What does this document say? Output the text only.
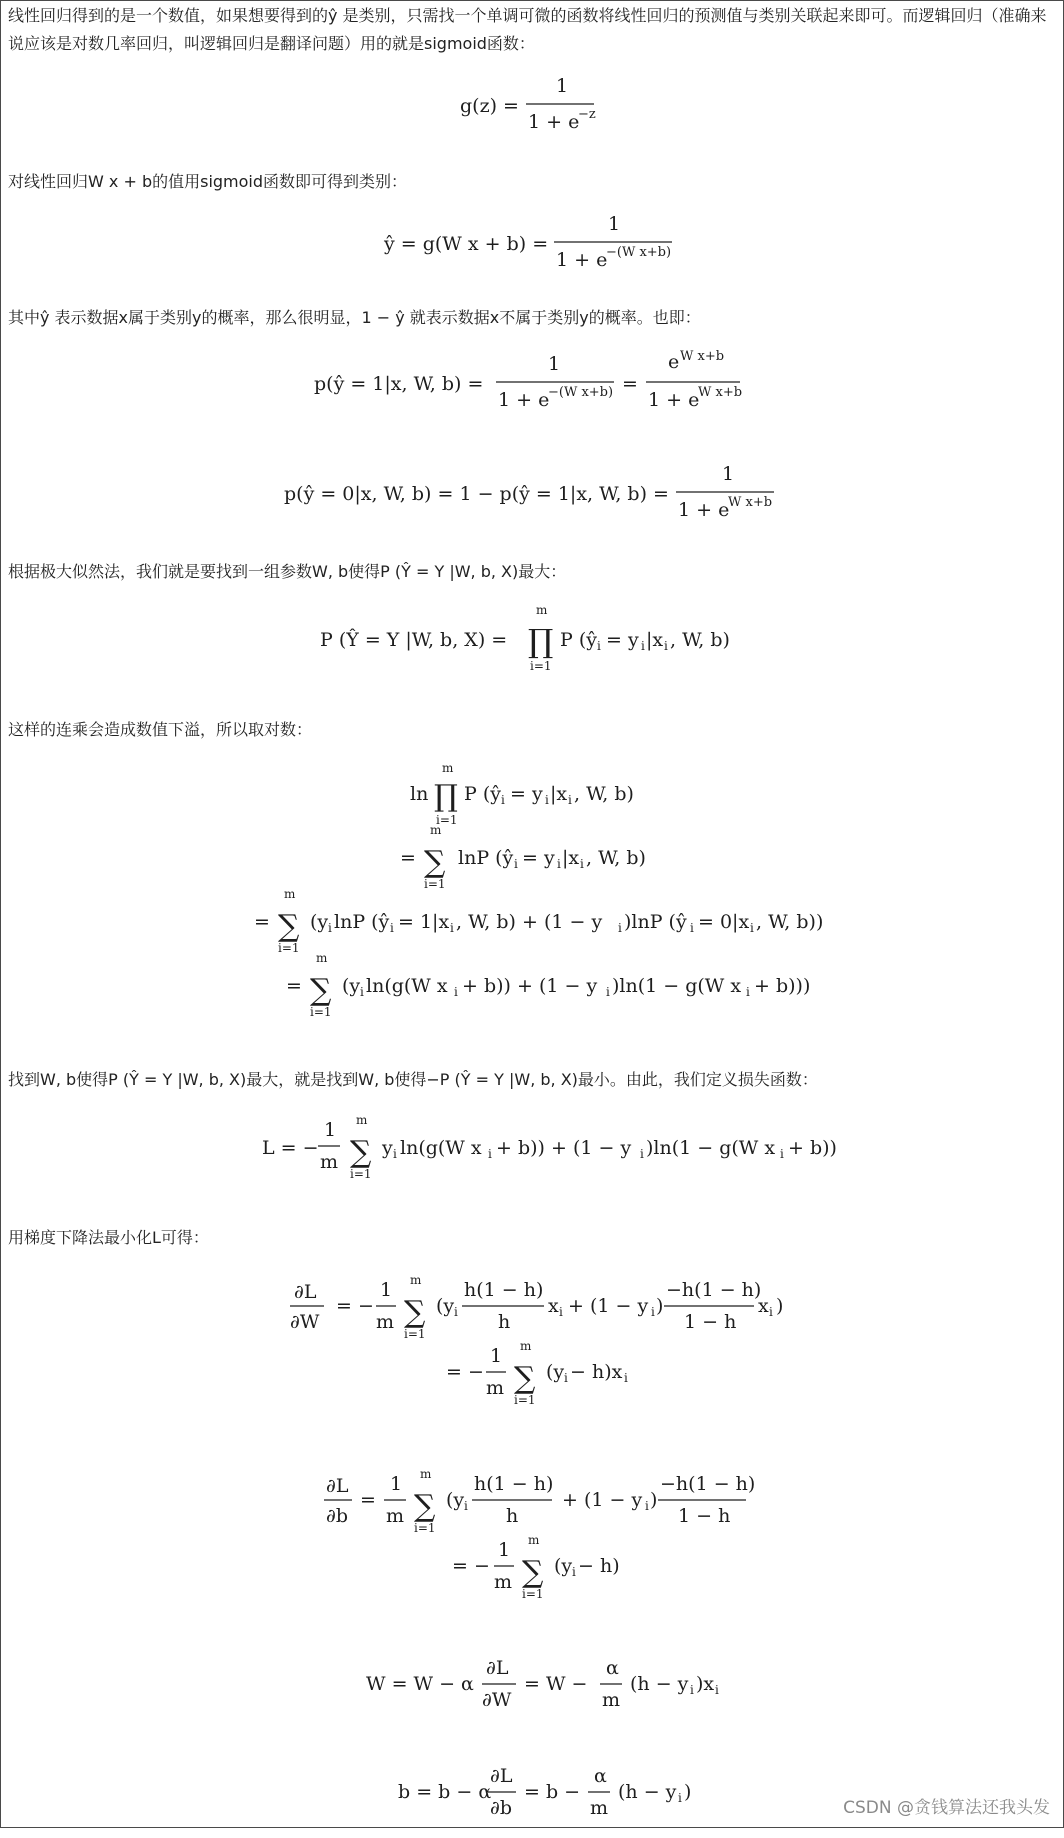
线性回归得到的是一个数值，如果想要得到的ŷ 是类别，只需找一个单调可微的函数将线性回归的预测值与类别关联起来即可。而逻辑回归（准确来说应该是对数几率回归，叫逻辑回归是翻译问题）用的就是sigmoid函数：

g(z) =
1
1 + e
−z

对线性回归W x + b的值用sigmoid函数即可得到类别：

ŷ = g(W x + b) =
1
1 + e
−(W x+b)

其中ŷ 表示数据x属于类别y的概率，那么很明显，1 − ŷ 就表示数据x不属于类别y的概率。也即：

p(ŷ = 1|x, W, b) =
1
1 + e
−(W x+b) =
e W x+b
1 + e
W x+b
p(ŷ = 0|x, W, b) = 1 − p(ŷ = 1|x, W, b) =
1
1 + e
W x+b

根据极大似然法，我们就是要找到一组参数W, b使得P (Ŷ = Y |W, b, X)最大：

P (Ŷ = Y |W, b, X) =
m
∏
i=1
P (ŷ i = y i |x i , W, b)

这样的连乘会造成数值下溢，所以取对数：

ln
m
∏
i=1
P (ŷ i = y i |x i , W, b)
=
m
∑
i=1
lnP (ŷ i = y i |x i , W, b)
=
m
∑
i=1
(y i lnP (ŷ i = 1|x i , W, b) + (1 − y i )lnP (ŷ i = 0|x i , W, b))
=
m
∑
i=1
(y i ln(g(W x i + b)) + (1 − y i )ln(1 − g(W x i + b)))

找到W, b使得P (Ŷ = Y |W, b, X)最大，就是找到W, b使得−P (Ŷ = Y |W, b, X)最小。由此，我们定义损失函数：

L = −
1
m
m
∑
i=1
y i ln(g(W x i + b)) + (1 − y i )ln(1 − g(W x i + b))

用梯度下降法最小化L可得：

∂L
∂W
= −
1
m
m
∑
i=1
(y i
h(1 − h)
h
x i + (1 − y i )
−h(1 − h)
1 − h
x i )
= −
1
m
m
∑
i=1
(y i − h)x i
∂L
∂b
=
1
m
m
∑
i=1
(y i
h(1 − h)
h
+ (1 − y i )
−h(1 − h)
1 − h
= −
1
m
m
∑
i=1
(y i − h)
W = W − α
∂L
∂W
= W −
α
m
(h − y i )x i
b = b − α
∂L
∂b
= b −
α
m
(h − y i )
CSDN @贪钱算法还我头发
